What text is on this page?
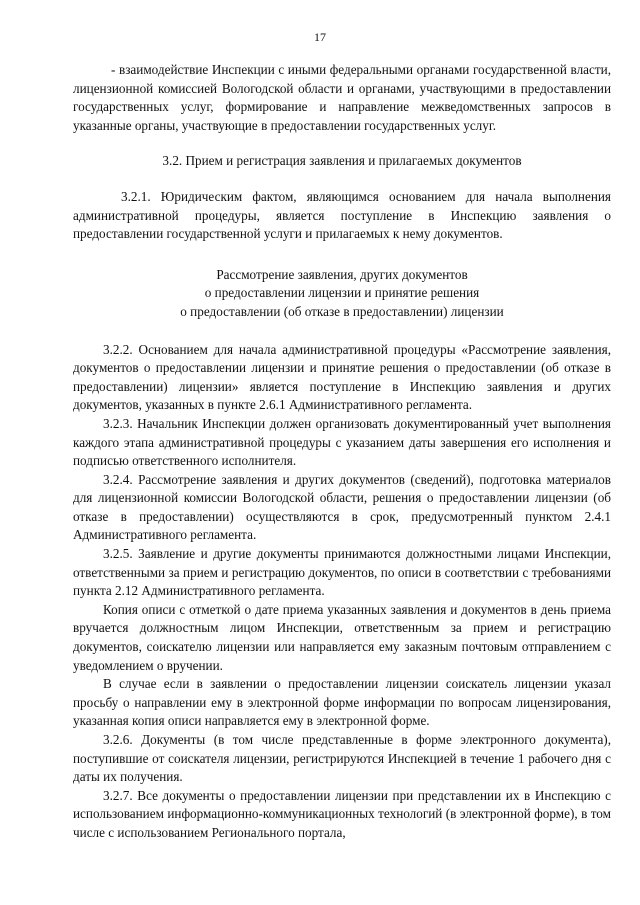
17

- взаимодействие Инспекции с иными федеральными органами государственной власти, лицензионной комиссией Вологодской области и органами, участвующими в предоставлении государственных услуг, формирование и направление межведомственных запросов в указанные органы, участвующие в предоставлении государственных услуг.

3.2. Прием и регистрация заявления и прилагаемых документов

3.2.1. Юридическим фактом, являющимся основанием для начала выполнения административной процедуры, является поступление в Инспекцию заявления о предоставлении государственной услуги и прилагаемых к нему документов.

Рассмотрение заявления, других документов
о предоставлении лицензии и принятие решения
о предоставлении (об отказе в предоставлении) лицензии

3.2.2. Основанием для начала административной процедуры «Рассмотрение заявления, документов о предоставлении лицензии и принятие решения о предоставлении (об отказе в предоставлении) лицензии» является поступление в Инспекцию заявления и других документов, указанных в пункте 2.6.1 Административного регламента.

3.2.3. Начальник Инспекции должен организовать документированный учет выполнения каждого этапа административной процедуры с указанием даты завершения его исполнения и подписью ответственного исполнителя.

3.2.4. Рассмотрение заявления и других документов (сведений), подготовка материалов для лицензионной комиссии Вологодской области, решения о предоставлении лицензии (об отказе в предоставлении) осуществляются в срок, предусмотренный пунктом 2.4.1 Административного регламента.

3.2.5. Заявление и другие документы принимаются должностными лицами Инспекции, ответственными за прием и регистрацию документов, по описи в соответствии с требованиями пункта 2.12 Административного регламента.

Копия описи с отметкой о дате приема указанных заявления и документов в день приема вручается должностным лицом Инспекции, ответственным за прием и регистрацию документов, соискателю лицензии или направляется ему заказным почтовым отправлением с уведомлением о вручении.

В случае если в заявлении о предоставлении лицензии соискатель лицензии указал просьбу о направлении ему в электронной форме информации по вопросам лицензирования, указанная копия описи направляется ему в электронной форме.

3.2.6. Документы (в том числе представленные в форме электронного документа), поступившие от соискателя лицензии, регистрируются Инспекцией в течение 1 рабочего дня с даты их получения.

3.2.7. Все документы о предоставлении лицензии при представлении их в Инспекцию с использованием информационно-коммуникационных технологий (в электронной форме), в том числе с использованием Регионального портала,
